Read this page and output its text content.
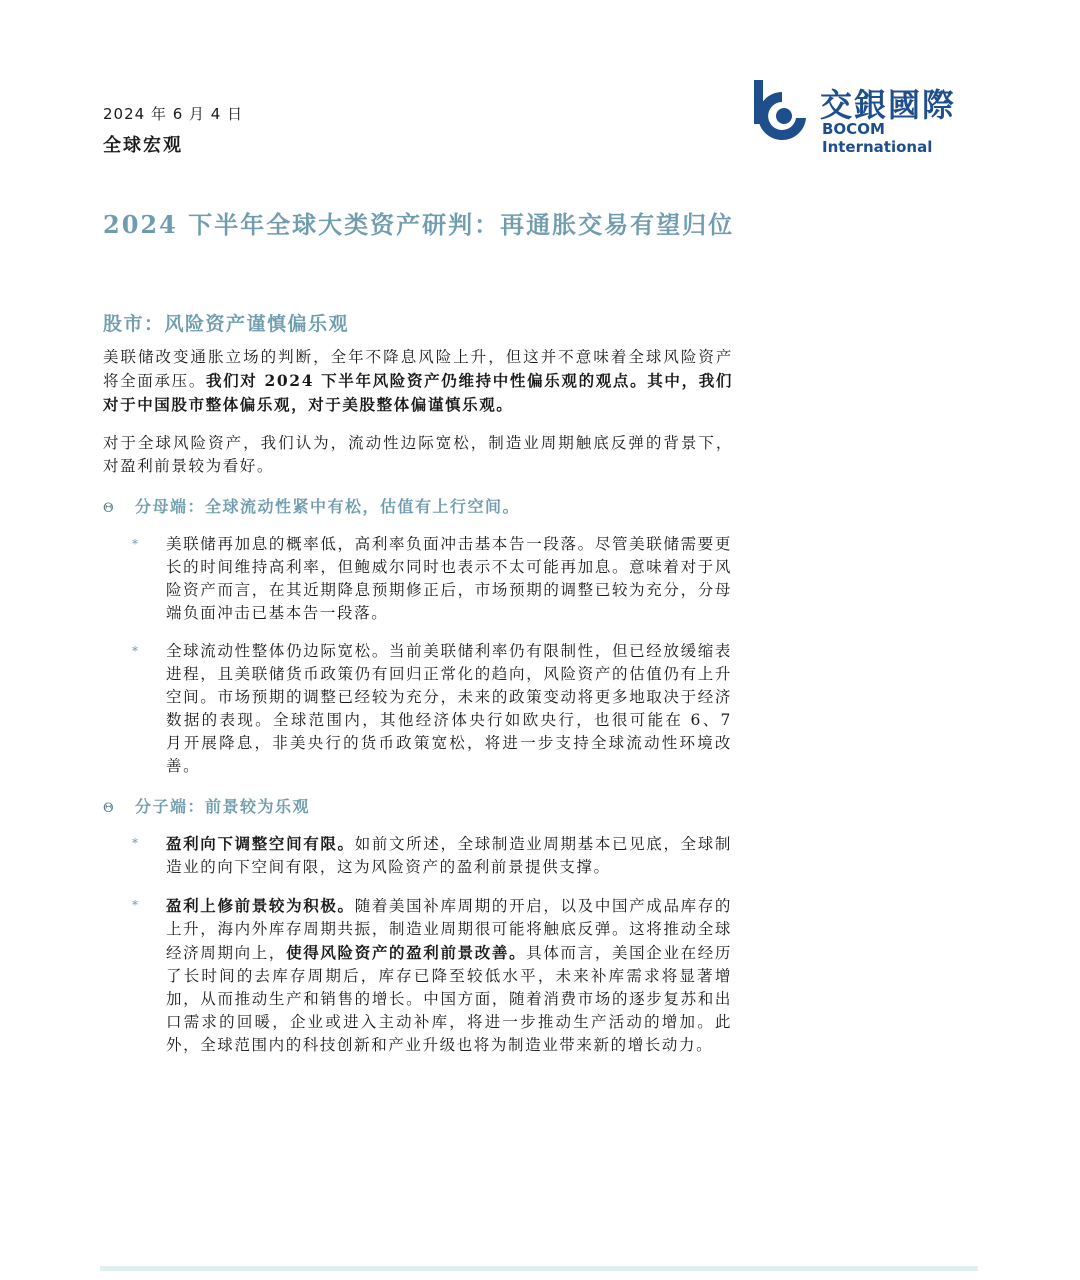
2024 年 6 月 4 日
全球宏观
交銀國際
BOCOM International
2024 下半年全球大类资产研判：再通胀交易有望归位
股市：风险资产谨慎偏乐观
美联储改变通胀立场的判断，全年不降息风险上升，但这并不意味着全球风险资产将全面承压。我们对 2024 下半年风险资产仍维持中性偏乐观的观点。其中，我们对于中国股市整体偏乐观，对于美股整体偏谨慎乐观。
对于全球风险资产，我们认为，流动性边际宽松，制造业周期触底反弹的背景下，对盈利前景较为看好。
Θ 分母端：全球流动性紧中有松，估值有上行空间。
* 美联储再加息的概率低，高利率负面冲击基本告一段落。尽管美联储需要更长的时间维持高利率，但鲍威尔同时也表示不太可能再加息。意味着对于风险资产而言，在其近期降息预期修正后，市场预期的调整已较为充分，分母端负面冲击已基本告一段落。
* 全球流动性整体仍边际宽松。当前美联储利率仍有限制性，但已经放缓缩表进程，且美联储货币政策仍有回归正常化的趋向，风险资产的估值仍有上升空间。市场预期的调整已经较为充分，未来的政策变动将更多地取决于经济数据的表现。全球范围内，其他经济体央行如欧央行，也很可能在 6、7 月开展降息，非美央行的货币政策宽松，将进一步支持全球流动性环境改善。
Θ 分子端：前景较为乐观
* 盈利向下调整空间有限。如前文所述，全球制造业周期基本已见底，全球制造业的向下空间有限，这为风险资产的盈利前景提供支撑。
* 盈利上修前景较为积极。随着美国补库周期的开启，以及中国产成品库存的上升，海内外库存周期共振，制造业周期很可能将触底反弹。这将推动全球经济周期向上，使得风险资产的盈利前景改善。具体而言，美国企业在经历了长时间的去库存周期后，库存已降至较低水平，未来补库需求将显著增加，从而推动生产和销售的增长。中国方面，随着消费市场的逐步复苏和出口需求的回暖，企业或进入主动补库，将进一步推动生产活动的增加。此外，全球范围内的科技创新和产业升级也将为制造业带来新的增长动力。
